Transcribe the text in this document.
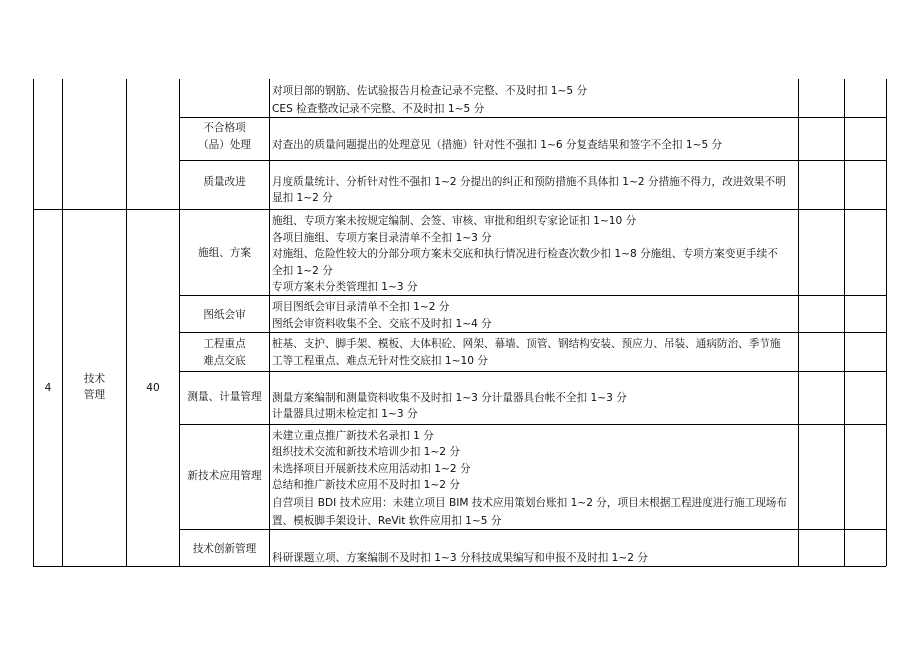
对项目部的钢筋、佐试验报告月检查记录不完整、不及时扣 1~5 分
CES 检查整改记录不完整、不及时扣 1~5 分
不合格项
（品）处理	对查出的质量问题提出的处理意见（措施）针对性不强扣 1~6 分复查结果和签字不全扣 1~5 分
质量改进	月度质量统计、分析针对性不强扣 1~2 分提出的纠正和预防措施不具体扣 1~2 分措施不得力，改进效果不明
显扣 1~2 分
4
技术
管理
40
施组、方案
施组、专项方案未按规定编制、会签、审核、审批和组织专家论证扣 1~10 分
各项目施组、专项方案目录清单不全扣 1~3 分
对施组、危险性较大的分部分项方案未交底和执行情况进行检查次数少扣 1~8 分施组、专项方案变更手续不
全扣 1~2 分
专项方案未分类管理扣 1~3 分
图纸会审
项目图纸会审目录清单不全扣 1~2 分
图纸会审资料收集不全、交底不及时扣 1~4 分
工程重点
难点交底
桩基、支护、脚手架、模板、大体积砼、网架、幕墙、顶管、钢结构安装、预应力、吊装、通病防治、季节施
工等工程重点、难点无针对性交底扣 1~10 分
测量、计量管理 测量方案编制和测量资料收集不及时扣 1~3 分计量器具台帐不全扣 1~3 分
计量器具过期未检定扣 1~3 分
新技术应用管理
未建立重点推广新技术名录扣 1 分
组织技术交流和新技术培训少扣 1~2 分
未选择项目开展新技术应用活动扣 1~2 分
总结和推广新技术应用不及时扣 1~2 分
自营项目 BDI 技术应用：未建立项目 BIM 技术应用策划台账扣 1~2 分，项目未根据工程进度进行施工现场布
置、模板脚手架设计、ReVit 软件应用扣 1~5 分
技术创新管理
科研课题立项、方案编制不及时扣 1~3 分科技成果编写和申报不及时扣 1~2 分
